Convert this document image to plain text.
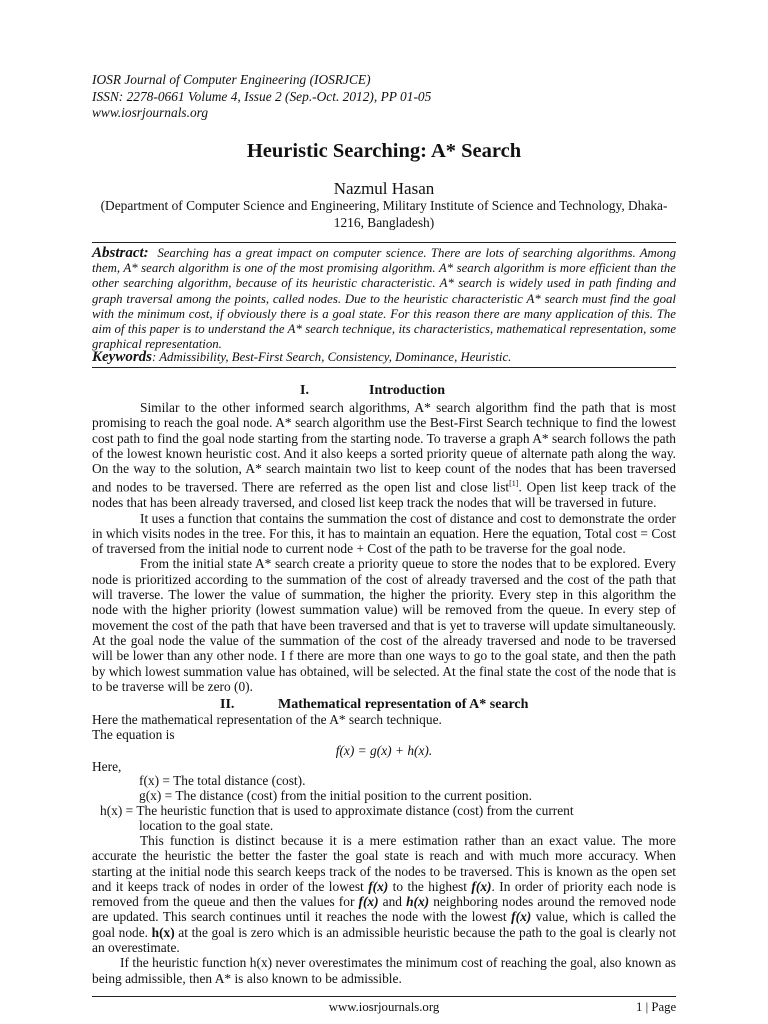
IOSR Journal of Computer Engineering (IOSRJCE)
ISSN: 2278-0661 Volume 4, Issue 2 (Sep.-Oct. 2012), PP 01-05
www.iosrjournals.org
Heuristic Searching: A* Search
Nazmul Hasan
(Department of Computer Science and Engineering, Military Institute of Science and Technology, Dhaka-1216, Bangladesh)
Abstract: Searching has a great impact on computer science. There are lots of searching algorithms. Among them, A* search algorithm is one of the most promising algorithm. A* search algorithm is more efficient than the other searching algorithm, because of its heuristic characteristic. A* search is widely used in path finding and graph traversal among the points, called nodes. Due to the heuristic characteristic A* search must find the goal with the minimum cost, if obviously there is a goal state. For this reason there are many application of this. The aim of this paper is to understand the A* search technique, its characteristics, mathematical representation, some graphical representation.
Keywords: Admissibility, Best-First Search, Consistency, Dominance, Heuristic.
I.	Introduction

Similar to the other informed search algorithms, A* search algorithm find the path that is most promising to reach the goal node. A* search algorithm use the Best-First Search technique to find the lowest cost path to find the goal node starting from the starting node. To traverse a graph A* search follows the path of the lowest known heuristic cost. And it also keeps a sorted priority queue of alternate path along the way. On the way to the solution, A* search maintain two list to keep count of the nodes that has been traversed and nodes to be traversed. There are referred as the open list and close list[1]. Open list keep track of the nodes that has been already traversed, and closed list keep track the nodes that will be traversed in future.

It uses a function that contains the summation the cost of distance and cost to demonstrate the order in which visits nodes in the tree. For this, it has to maintain an equation. Here the equation, Total cost = Cost of traversed from the initial node to current node + Cost of the path to be traverse for the goal node.

From the initial state A* search create a priority queue to store the nodes that to be explored. Every node is prioritized according to the summation of the cost of already traversed and the cost of the path that will traverse. The lower the value of summation, the higher the priority. Every step in this algorithm the node with the higher priority (lowest summation value) will be removed from the queue. In every step of movement the cost of the path that have been traversed and that is yet to traverse will update simultaneously. At the goal node the value of the summation of the cost of the already traversed and node to be traversed will be lower than any other node. I f there are more than one ways to go to the goal state, and then the path by which lowest summation value has obtained, will be selected. At the final state the cost of the node that is to be traverse will be zero (0).

II.	Mathematical representation of A* search
Here the mathematical representation of the A* search technique.
The equation is
f(x) = g(x) + h(x).
Here,
f(x) = The total distance (cost).
g(x) = The distance (cost) from the initial position to the current position.
h(x) = The heuristic function that is used to approximate distance (cost) from the current
location to the goal state.

This function is distinct because it is a mere estimation rather than an exact value. The more accurate the heuristic the better the faster the goal state is reach and with much more accuracy. When starting at the initial node this search keeps track of the nodes to be traversed. This is known as the open set and it keeps track of nodes in order of the lowest f(x) to the highest f(x). In order of priority each node is removed from the queue and then the values for f(x) and h(x) neighboring nodes around the removed node are updated. This search continues until it reaches the node with the lowest f(x) value, which is called the goal node. h(x) at the goal is zero which is an admissible heuristic because the path to the goal is clearly not an overestimate.

If the heuristic function h(x) never overestimates the minimum cost of reaching the goal, also known as being admissible, then A* is also known to be admissible.

www.iosrjournals.org	1 | Page
